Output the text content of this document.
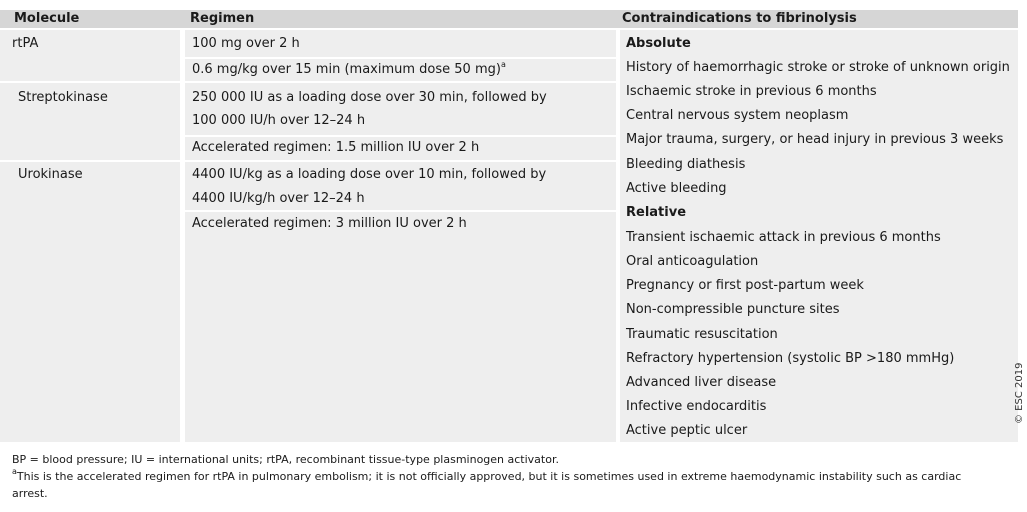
Molecule	Regimen	Contraindications to fibrinolysis
rtPA
Streptokinase
Urokinase
100 mg over 2 h
0.6 mg/kg over 15 min (maximum dose 50 mg)$^a$
250 000 IU as a loading dose over 30 min, followed by
100 000 IU/h over 12–24 h
Accelerated regimen: 1.5 million IU over 2 h
4400 IU/kg as a loading dose over 10 min, followed by
4400 IU/kg/h over 12–24 h
Accelerated regimen: 3 million IU over 2 h
Absolute
History of haemorrhagic stroke or stroke of unknown origin
Ischaemic stroke in previous 6 months
Central nervous system neoplasm
Major trauma, surgery, or head injury in previous 3 weeks
Bleeding diathesis
Active bleeding
Relative
Transient ischaemic attack in previous 6 months
Oral anticoagulation
Pregnancy or first post-partum week
Non-compressible puncture sites
Traumatic resuscitation
Refractory hypertension (systolic BP >180 mmHg)
Advanced liver disease
Infective endocarditis
Active peptic ulcer
© ESC 2019
BP = blood pressure; IU = international units; rtPA, recombinant tissue-type plasminogen activator.
$^a$This is the accelerated regimen for rtPA in pulmonary embolism; it is not officially approved, but it is sometimes used in extreme haemodynamic instability such as cardiac
arrest.
